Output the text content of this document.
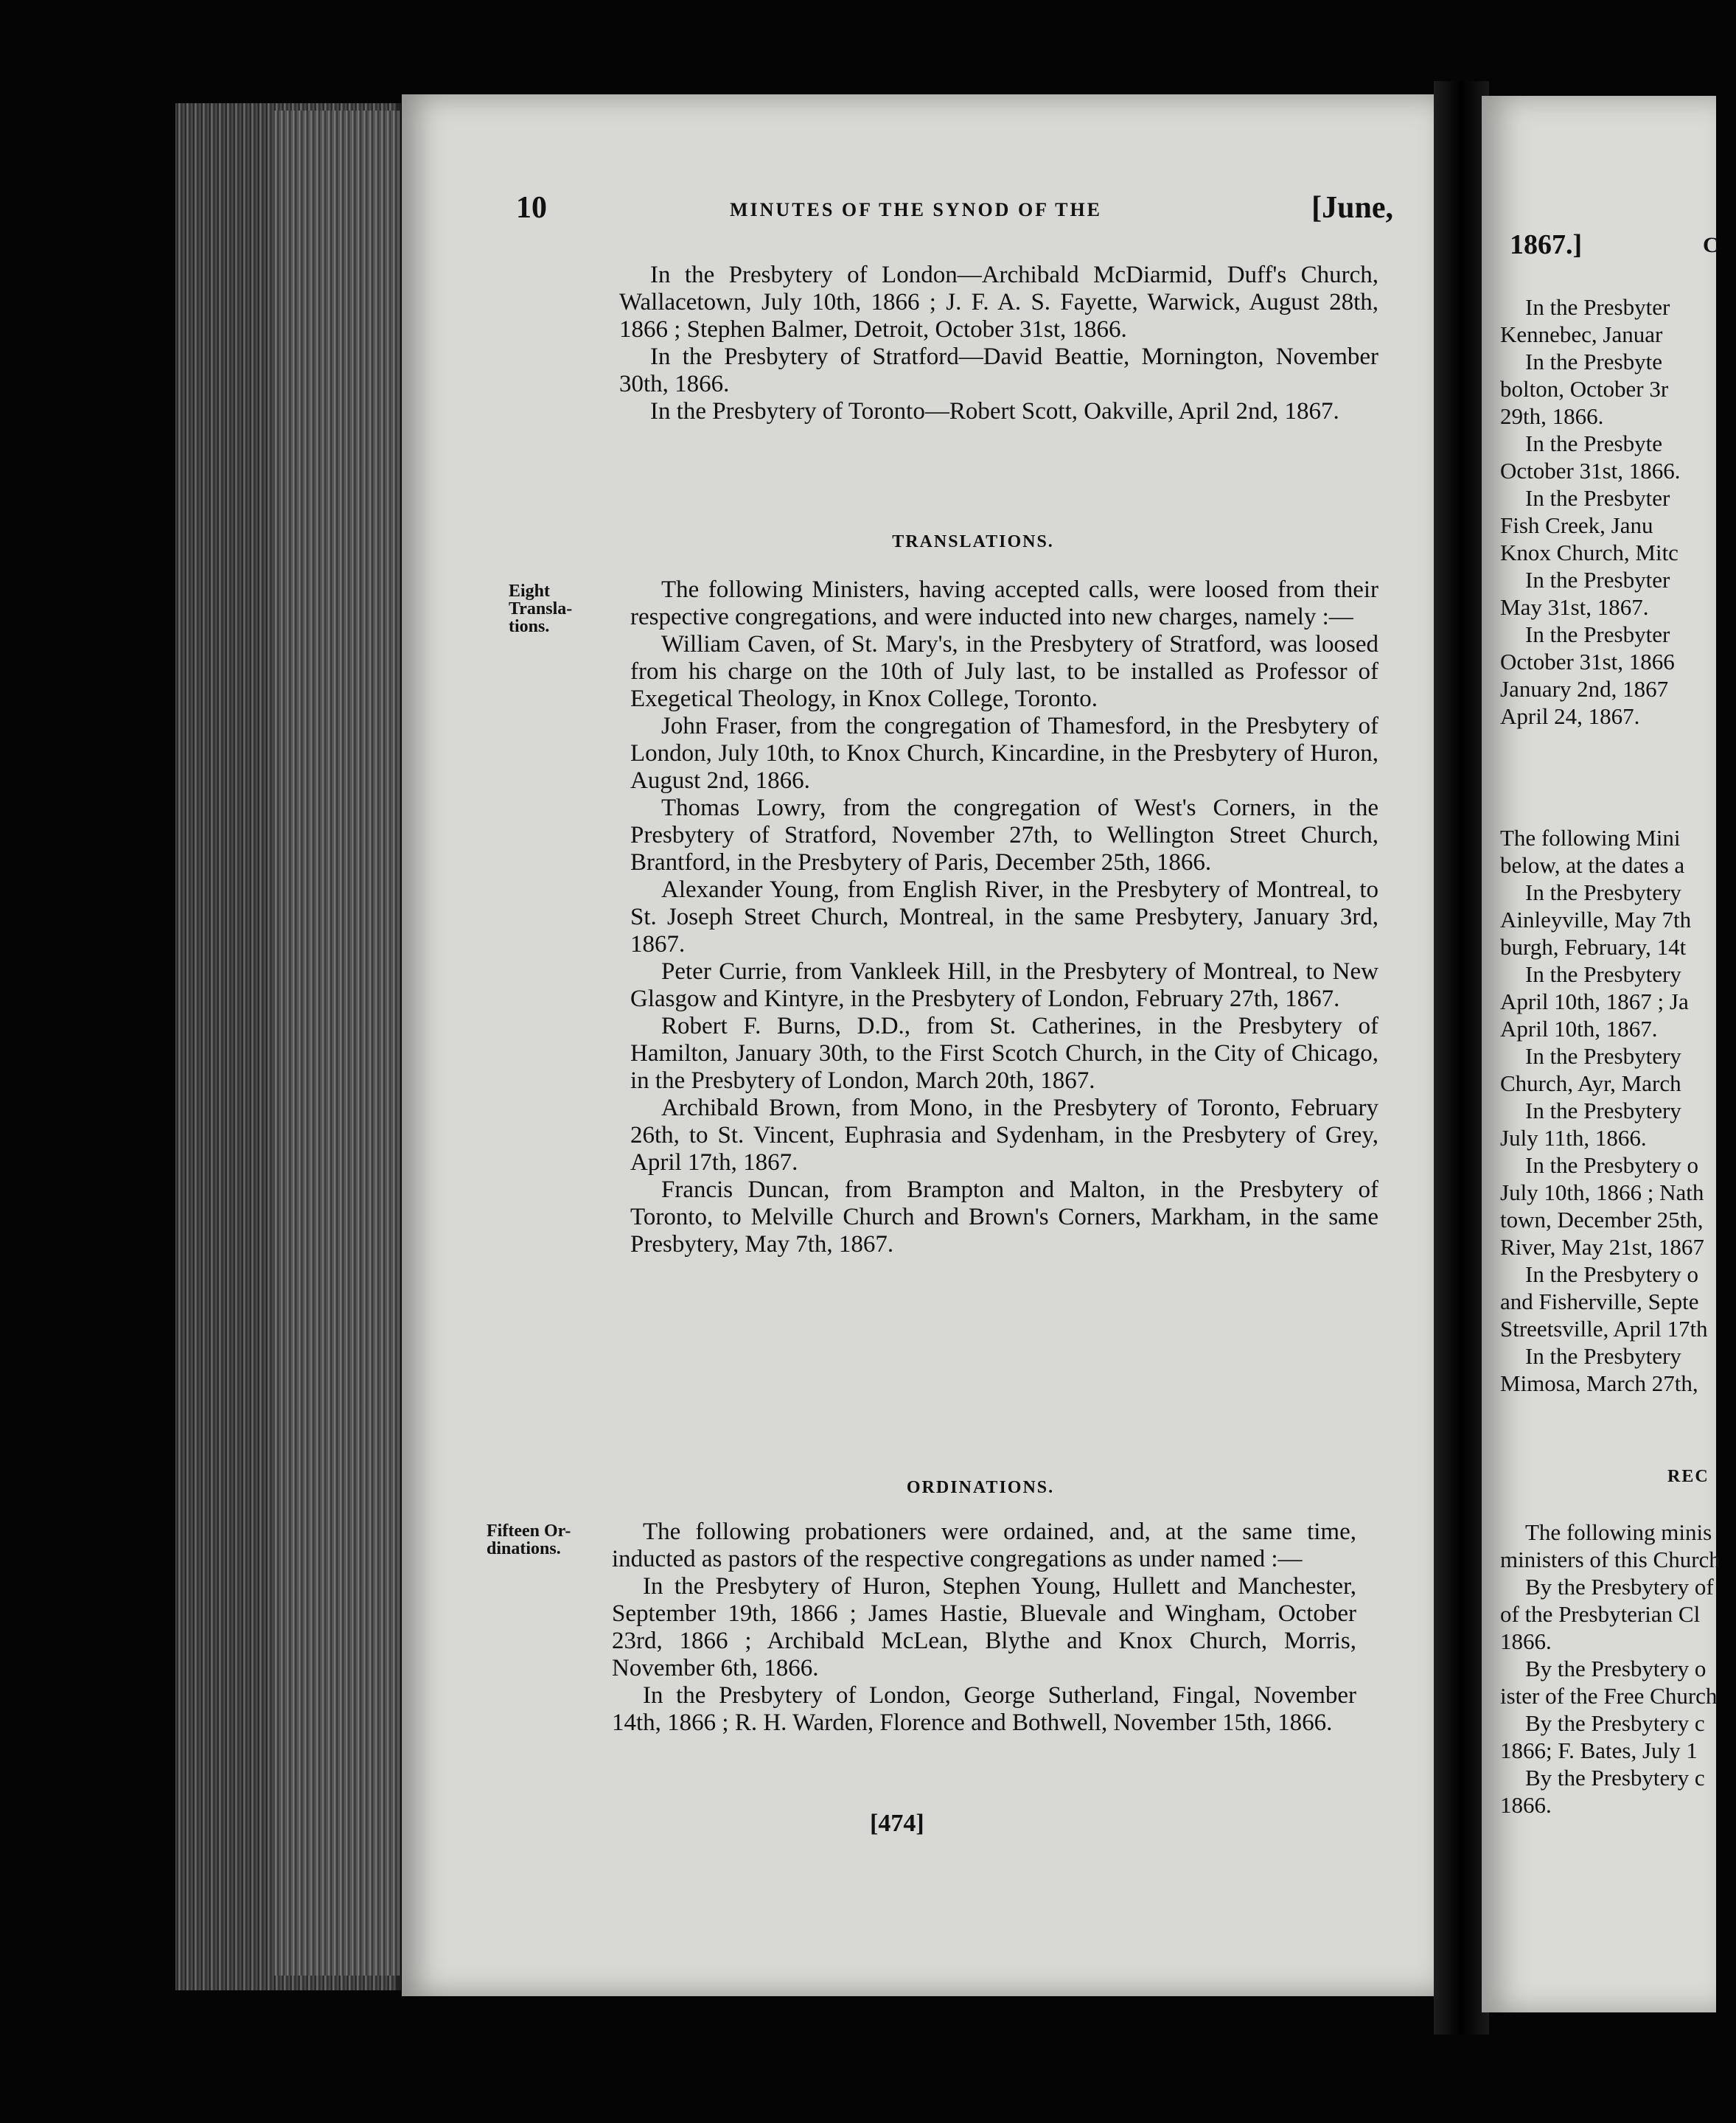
10	MINUTES OF THE SYNOD OF THE	[June,

In the Presbytery of London—Archibald McDiarmid, Duff's Church, Wallacetown, July 10th, 1866 ; J. F. A. S. Fayette, Warwick, August 28th, 1866 ; Stephen Balmer, Detroit, October 31st, 1866.

In the Presbytery of Stratford—David Beattie, Mornington, November 30th, 1866.

In the Presbytery of Toronto—Robert Scott, Oakville, April 2nd, 1867.

TRANSLATIONS.
Eight Transla- tions.

The following Ministers, having accepted calls, were loosed from their respective congregations, and were inducted into new charges, namely :—

William Caven, of St. Mary's, in the Presbytery of Stratford, was loosed from his charge on the 10th of July last, to be installed as Professor of Exegetical Theology, in Knox College, Toronto.

John Fraser, from the congregation of Thamesford, in the Presbytery of London, July 10th, to Knox Church, Kincardine, in the Presbytery of Huron, August 2nd, 1866.

Thomas Lowry, from the congregation of West's Corners, in the Presbytery of Stratford, November 27th, to Wellington Street Church, Brantford, in the Presbytery of Paris, December 25th, 1866.

Alexander Young, from English River, in the Presbytery of Montreal, to St. Joseph Street Church, Montreal, in the same Presbytery, January 3rd, 1867.

Peter Currie, from Vankleek Hill, in the Presbytery of Montreal, to New Glasgow and Kintyre, in the Presbytery of London, February 27th, 1867.

Robert F. Burns, D.D., from St. Catherines, in the Presbytery of Hamilton, January 30th, to the First Scotch Church, in the City of Chicago, in the Presbytery of London, March 20th, 1867.

Archibald Brown, from Mono, in the Presbytery of Toronto, February 26th, to St. Vincent, Euphrasia and Sydenham, in the Presbytery of Grey, April 17th, 1867.

Francis Duncan, from Brampton and Malton, in the Presbytery of Toronto, to Melville Church and Brown's Corners, Markham, in the same Presbytery, May 7th, 1867.

ORDINATIONS.
Fifteen Or- dinations.

The following probationers were ordained, and, at the same time, inducted as pastors of the respective congregations as under named :—

In the Presbytery of Huron, Stephen Young, Hullett and Manchester, September 19th, 1866 ; James Hastie, Bluevale and Wingham, October 23rd, 1866 ; Archibald McLean, Blythe and Knox Church, Morris, November 6th, 1866.

In the Presbytery of London, George Sutherland, Fingal, November 14th, 1866 ; R. H. Warden, Florence and Bothwell, November 15th, 1866.

[474]
1867.]	C

In the Presbyter

Kennebec, Januar

In the Presbyte

bolton, October 3r

29th, 1866.

In the Presbyte

October 31st, 1866.

In the Presbyter

Fish Creek, Janu

Knox Church, Mitc

In the Presbyter

May 31st, 1867.

In the Presbyter

October 31st, 1866

January 2nd, 1867

April 24, 1867.

The following Mini

below, at the dates a

In the Presbytery

Ainleyville, May 7th

burgh, February, 14t

In the Presbytery

April 10th, 1867 ; Ja

April 10th, 1867.

In the Presbytery

Church, Ayr, March

In the Presbytery

July 11th, 1866.

In the Presbytery o

July 10th, 1866 ; Nath

town, December 25th,

River, May 21st, 1867

In the Presbytery o

and Fisherville, Septe

Streetsville, April 17th

In the Presbytery

Mimosa, March 27th,

REC

The following minis

ministers of this Church

By the Presbytery of

of the Presbyterian Cl

1866.

By the Presbytery o

ister of the Free Church

By the Presbytery c

1866; F. Bates, July 1

By the Presbytery c

1866.
